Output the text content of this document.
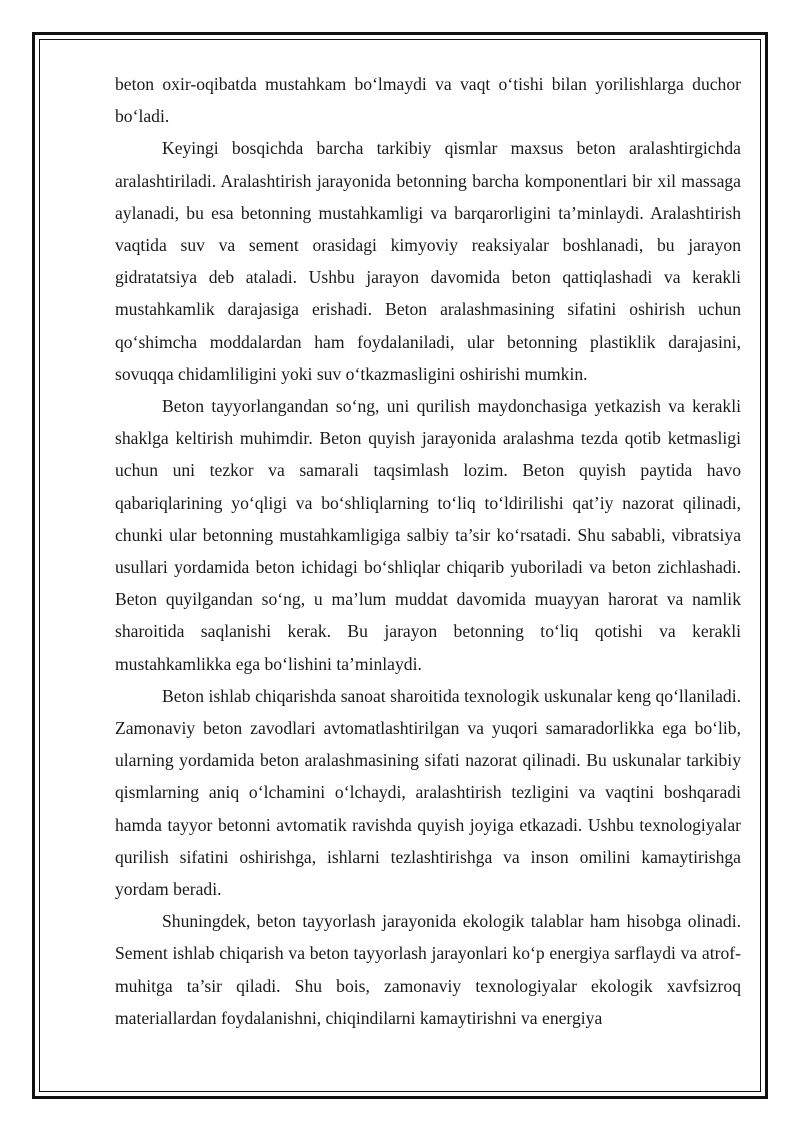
beton oxir-oqibatda mustahkam bo‘lmaydi va vaqt o‘tishi bilan yorilishlarga duchor bo‘ladi.

Keyingi bosqichda barcha tarkibiy qismlar maxsus beton aralashtirgichda aralashtiriladi. Aralashtirish jarayonida betonning barcha komponentlari bir xil massaga aylanadi, bu esa betonning mustahkamligi va barqarorligini ta’minlaydi. Aralashtirish vaqtida suv va sement orasidagi kimyoviy reaksiyalar boshlanadi, bu jarayon gidratatsiya deb ataladi. Ushbu jarayon davomida beton qattiqlashadi va kerakli mustahkamlik darajasiga erishadi. Beton aralashmasining sifatini oshirish uchun qo‘shimcha moddalardan ham foydalaniladi, ular betonning plastiklik darajasini, sovuqqa chidamliligini yoki suv o‘tkazmasligini oshirishi mumkin.

Beton tayyorlangandan so‘ng, uni qurilish maydonchasiga yetkazish va kerakli shaklga keltirish muhimdir. Beton quyish jarayonida aralashma tezda qotib ketmasligi uchun uni tezkor va samarali taqsimlash lozim. Beton quyish paytida havo qabariqlarining yo‘qligi va bo‘shliqlarning to‘liq to‘ldirilishi qat’iy nazorat qilinadi, chunki ular betonning mustahkamligiga salbiy ta’sir ko‘rsatadi. Shu sababli, vibratsiya usullari yordamida beton ichidagi bo‘shliqlar chiqarib yuboriladi va beton zichlashadi. Beton quyilgandan so‘ng, u ma’lum muddat davomida muayyan harorat va namlik sharoitida saqlanishi kerak. Bu jarayon betonning to‘liq qotishi va kerakli mustahkamlikka ega bo‘lishini ta’minlaydi.

Beton ishlab chiqarishda sanoat sharoitida texnologik uskunalar keng qo‘llaniladi. Zamonaviy beton zavodlari avtomatlashtirilgan va yuqori samaradorlikka ega bo‘lib, ularning yordamida beton aralashmasining sifati nazorat qilinadi. Bu uskunalar tarkibiy qismlarning aniq o‘lchamini o‘lchaydi, aralashtirish tezligini va vaqtini boshqaradi hamda tayyor betonni avtomatik ravishda quyish joyiga etkazadi. Ushbu texnologiyalar qurilish sifatini oshirishga, ishlarni tezlashtirishga va inson omilini kamaytirishga yordam beradi.

Shuningdek, beton tayyorlash jarayonida ekologik talablar ham hisobga olinadi. Sement ishlab chiqarish va beton tayyorlash jarayonlari ko‘p energiya sarflaydi va atrof-muhitga ta’sir qiladi. Shu bois, zamonaviy texnologiyalar ekologik xavfsizroq materiallardan foydalanishni, chiqindilarni kamaytirishni va energiya
